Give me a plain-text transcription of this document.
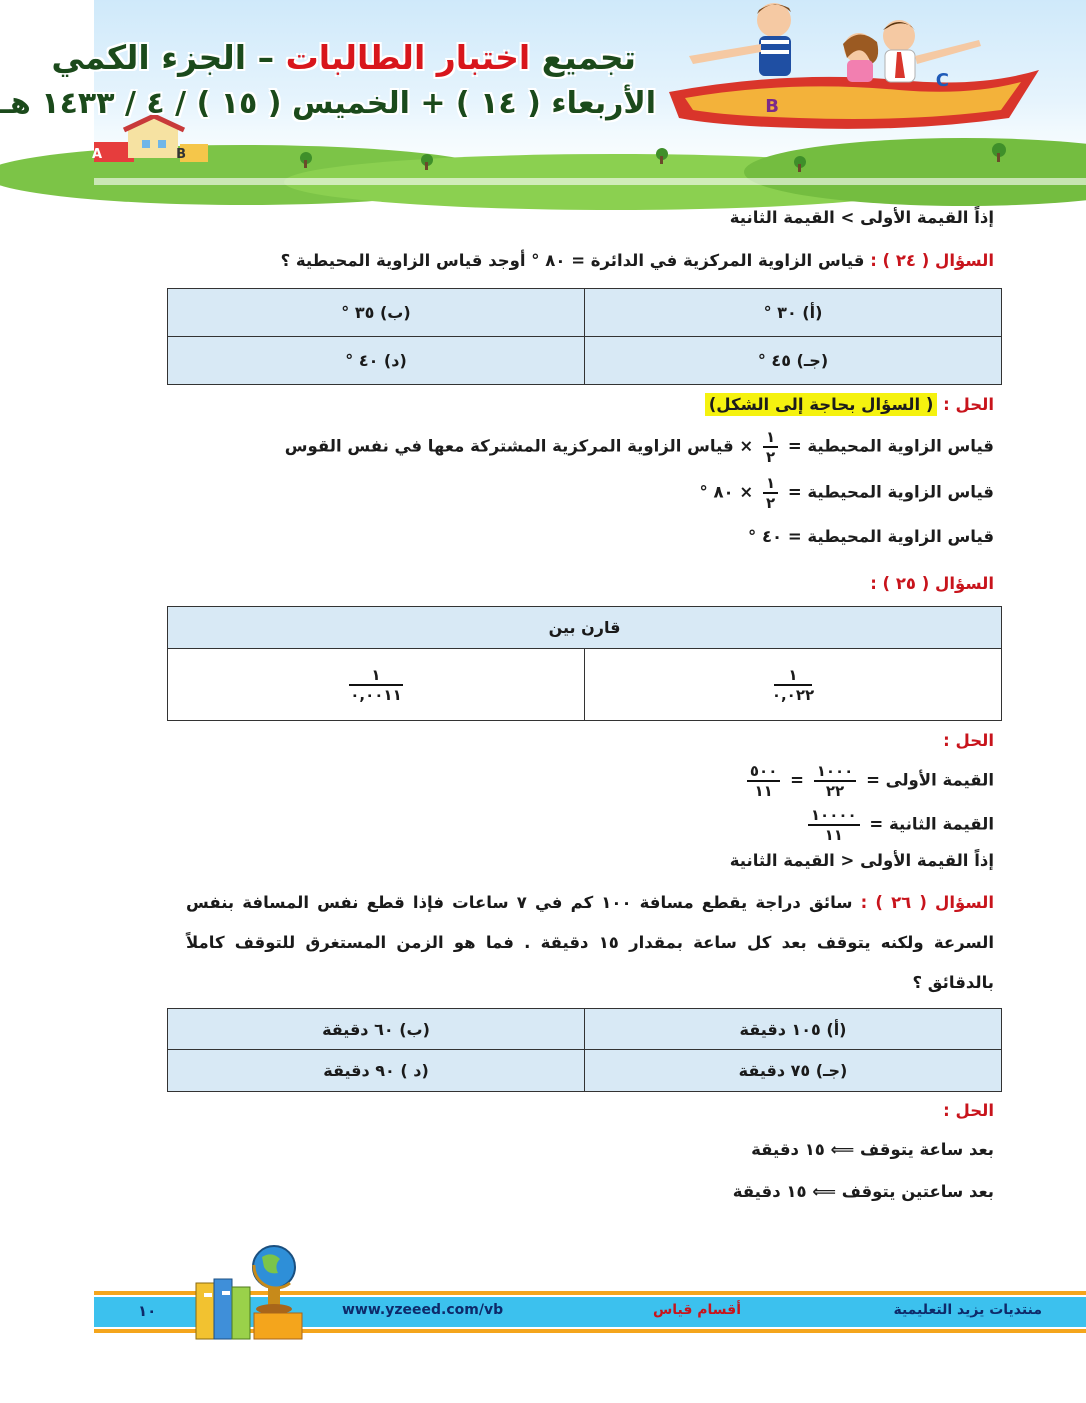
B
C
B
A
تجميع اختبار الطالبات – الجزء الكمي
الأربعاء ( ١٤ ) + الخميس ( ١٥ ) / ٤ / ١٤٣٣ هـ
إذاً القيمة الأولى > القيمة الثانية
السؤال ( ٢٤ ) : قياس الزاوية المركزية في الدائرة = ٨٠ ° أوجد قياس الزاوية المحيطية ؟
(أ) ٣٠ °	(ب) ٣٥ °
(جـ) ٤٥ °	(د) ٤٠ °
الحل : ( السؤال بحاجة إلى الشكل)
قياس الزاوية المحيطية =
$\frac{١}{٢}$
× قياس الزاوية المركزية المشتركة معها في نفس القوس
قياس الزاوية المحيطية =
$\frac{١}{٢}$
× ٨٠ °
قياس الزاوية المحيطية = ٤٠ °
السؤال ( ٢٥ ) :
قارن بين

$\frac{١}{٠,٠٢٢}$

$\frac{١}{٠,٠٠١١}$
الحل :
القيمة الأولى =
$\frac{١٠٠٠}{٢٢}$
=
$\frac{٥٠٠}{١١}$
القيمة الثانية =
$\frac{١٠٠٠٠}{١١}$
إذاً القيمة الأولى < القيمة الثانية
السؤال ( ٢٦ ) : سائق دراجة يقطع مسافة ١٠٠ كم في ٧ ساعات فإذا قطع نفس المسافة بنفس السرعة ولكنه يتوقف بعد كل ساعة بمقدار ١٥ دقيقة . فما هو الزمن المستغرق للتوقف كاملاً بالدقائق ؟
(أ) ١٠٥ دقيقة	(ب) ٦٠ دقيقة
(جـ) ٧٥ دقيقة	(د ) ٩٠ دقيقة
الحل :
بعد ساعة يتوقف ⟸ ١٥ دقيقة
بعد ساعتين يتوقف ⟸ ١٥ دقيقة
منتديات يزيد التعليمية
أقسام قياس
www.yzeeed.com/vb
١٠
